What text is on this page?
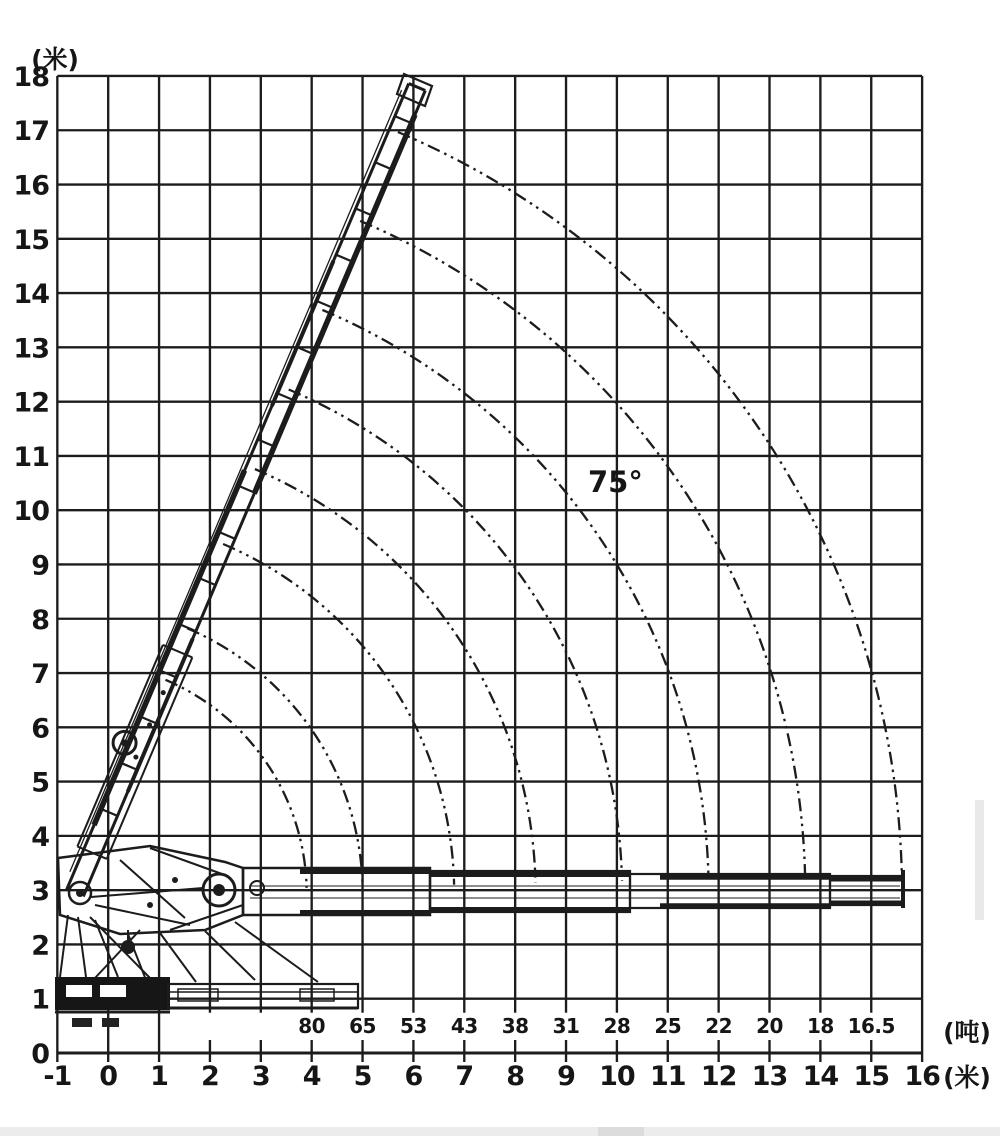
0
1
2
3
4
5
6
7
8
9
10
11
12
13
14
15
16
17
18
-1 0 1 2 3 4 5 6 7 8 9 10 11 12 13 14 15 16
80 65 53 43 38 31 28 25 22 20 18 16.5
(米)
(吨)
(米)
75°
